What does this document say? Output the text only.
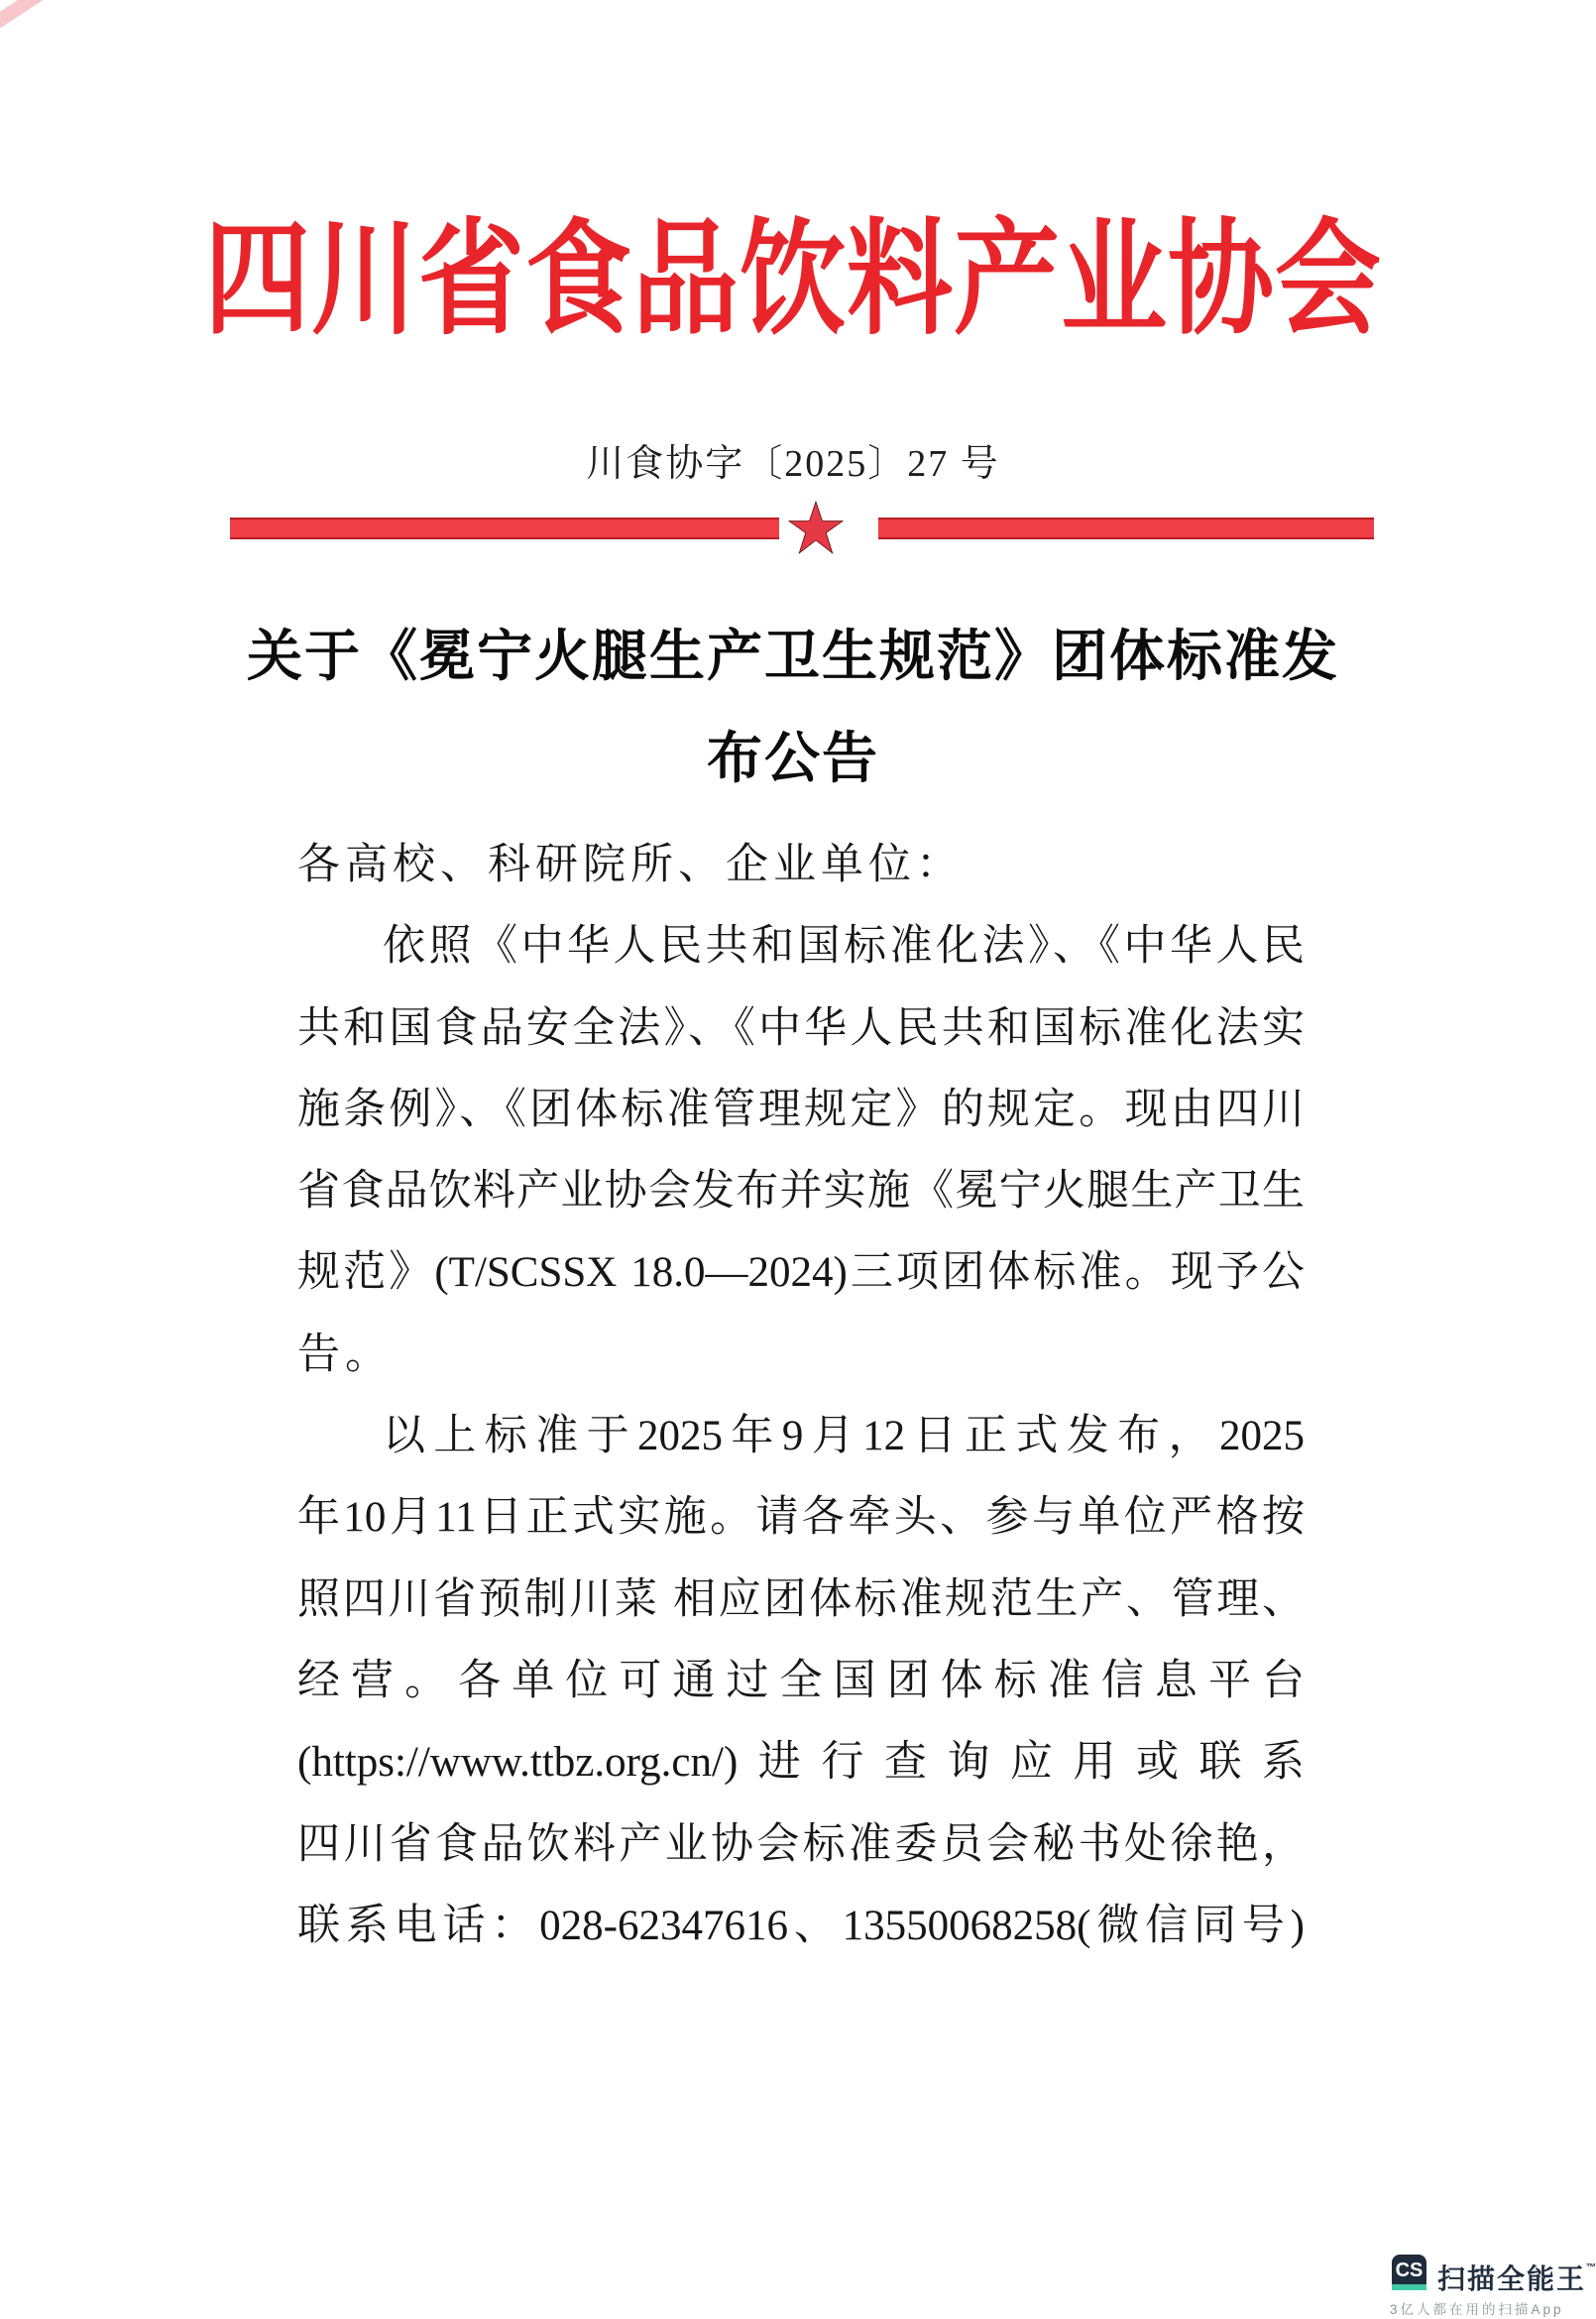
四川省食品饮料产业协会
川食协字〔2025〕27 号
关于《冕宁火腿生产卫生规范》团体标准发
布公告
各高校、科研院所、企业单位：
依照《中华人民共和国标准化法》、《中华人民
共和国食品安全法》、《中华人民共和国标准化法实
施条例》、《团体标准管理规定》的规定。现由四川
省食品饮料产业协会发布并实施《冕宁火腿生产卫生
规范》(T/SCSSX 18.0—2024)三项团体标准。现予公
告。
以上标准于2025年9月12日正式发布，2025
年10月11日正式实施。请各牵头、参与单位严格按
照四川省预制川菜 相应团体标准规范生产、管理、
经营。各单位可通过全国团体标准信息平台
(https://www.ttbz.org.cn/)进行查询应用或联系
四川省食品饮料产业协会标准委员会秘书处徐艳，
联系电话：028-62347616、13550068258(微信同号)
CS 扫描全能王™
3亿人都在用的扫描App
